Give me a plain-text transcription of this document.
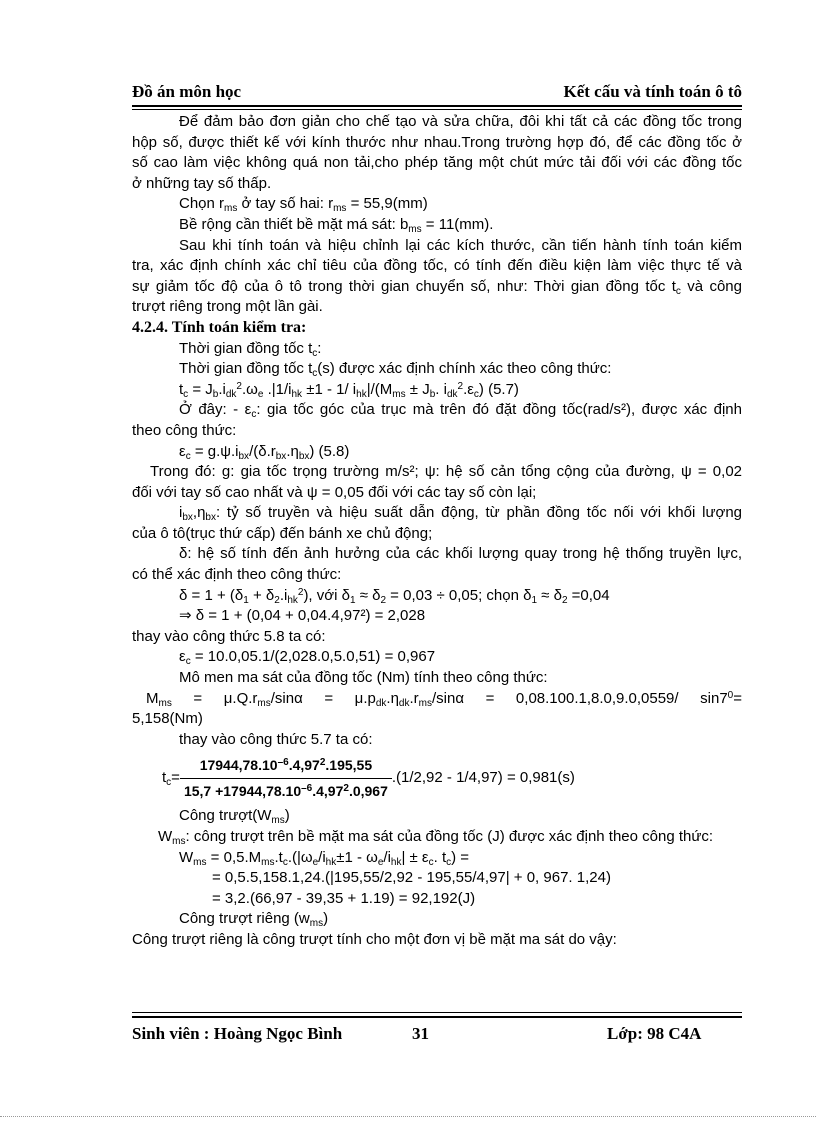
Đồ án môn học	Kết cấu và tính toán ô tô

Để đảm bảo đơn giản cho chế tạo và sửa chữa, đôi khi tất cả các đồng tốc trong

hộp số, được thiết kế với kính thước như nhau.Trong trường hợp đó, để các đồng tốc ở

số cao làm việc không quá non tải,cho phép tăng một chút mức tải đối với các đồng tốc

ở những tay số thấp.

Chọn $r_{ms}$ ở tay số hai: $r_{ms} = 55,9(mm)$

Bề rộng cần thiết bề mặt má sát: $b_{ms} = 11(mm)$.

Sau khi tính toán và hiệu chỉnh lại các kích thước, cần tiến hành tính toán kiểm

tra, xác định chính xác chỉ tiêu của đồng tốc, có tính đến điều kiện làm việc thực tế và

sự giảm tốc độ của ô tô trong thời gian chuyển số, như: Thời gian đồng tốc $t_c$ và công

trượt riêng trong một lần gài.

4.2.4. Tính toán kiểm tra:

Thời gian đồng tốc $t_c$:

Thời gian đồng tốc $t_c(s)$ được xác định chính xác theo công thức:

$t_c = J_b.i_{dk}^2.\omega_e$ $.|1/i_{hk} \pm 1 - 1/$ $i_{hk}|/(M_{ms} \pm J_b$. $i_{dk}^2.\varepsilon_c$) (5.7)

Ở đây: - $\varepsilon_c$: gia tốc góc của trục mà trên đó đặt đồng tốc(rad/s²), được xác định

theo công thức:

$\varepsilon_c = g.\psi.i_{bx}/(\delta.r_{bx}.\eta_{bx})$ (5.8)

Trong đó: g: gia tốc trọng trường m/s²; ψ: hệ số cản tổng cộng của đường, ψ = 0,02

đối với tay số cao nhất và ψ = 0,05 đối với các tay số còn lại;

$i_{bx},\eta_{bx}$: tỷ số truyền và hiệu suất dẫn động, từ phần đồng tốc nối với khối lượng

của ô tô(trục thứ cấp) đến bánh xe chủ động;

δ: hệ số tính đến ảnh hưởng của các khối lượng quay trong hệ thống truyền lực,

có thể xác định theo công thức:

$\delta = 1 + (\delta_1 + \delta_2.i_{hk}^2)$, với $\delta_1 \approx \delta_2 = 0,03 \div 0,05$; chọn $\delta_1 \approx \delta_2 =0,04$

⇒ δ = 1 + (0,04 + 0,04.4,97²) = 2,028

thay vào công thức 5.8 ta có:

$\varepsilon_c = 10.0,05.1/(2,028.0,5.0,51) = 0,967$

Mô men ma sát của đồng tốc (Nm) tính theo công thức:

$M_{ms} = \mu.Q.r_{ms}/\sin\alpha = \mu.p_{dk}.\eta_{dk}.r_{ms}/\sin\alpha = 0,08.100.1,8.0,9.0,0559/$ $\sin 7^0=$

5,158(Nm)

thay vào công thức 5.7 ta có:

$t_c= \frac{17944,78.10^{-6}.4,97^2.195,55}{15,7 +17944,78.10^{-6}.4,97^2.0,967} .(1/2,92 - 1/4,97) = 0,981(s)$

Công $trượt(W_{ms})$

$W_{ms}$: công trượt trên bề mặt ma sát của đồng tốc (J) được xác định theo công thức:

$W_{ms} = 0,5.M_{ms}.t_c.(|\omega_e/i_{hk}\pm 1 - \omega_e/i_{hk}| \pm \varepsilon_c$. $t_c$) =

= 0,5.5,158.1,24.(|195,55/2,92 - 195,55/4,97| + 0, 967. 1,24)

= 3,2.(66,97 - 39,35 + 1.19) = 92,192(J)

Công trượt riêng $(w_{ms})$

Công trượt riêng là công trượt tính cho một đơn vị bề mặt ma sát do vậy:

Sinh viên : Hoàng Ngọc Bình	31	Lớp: 98 C4A
